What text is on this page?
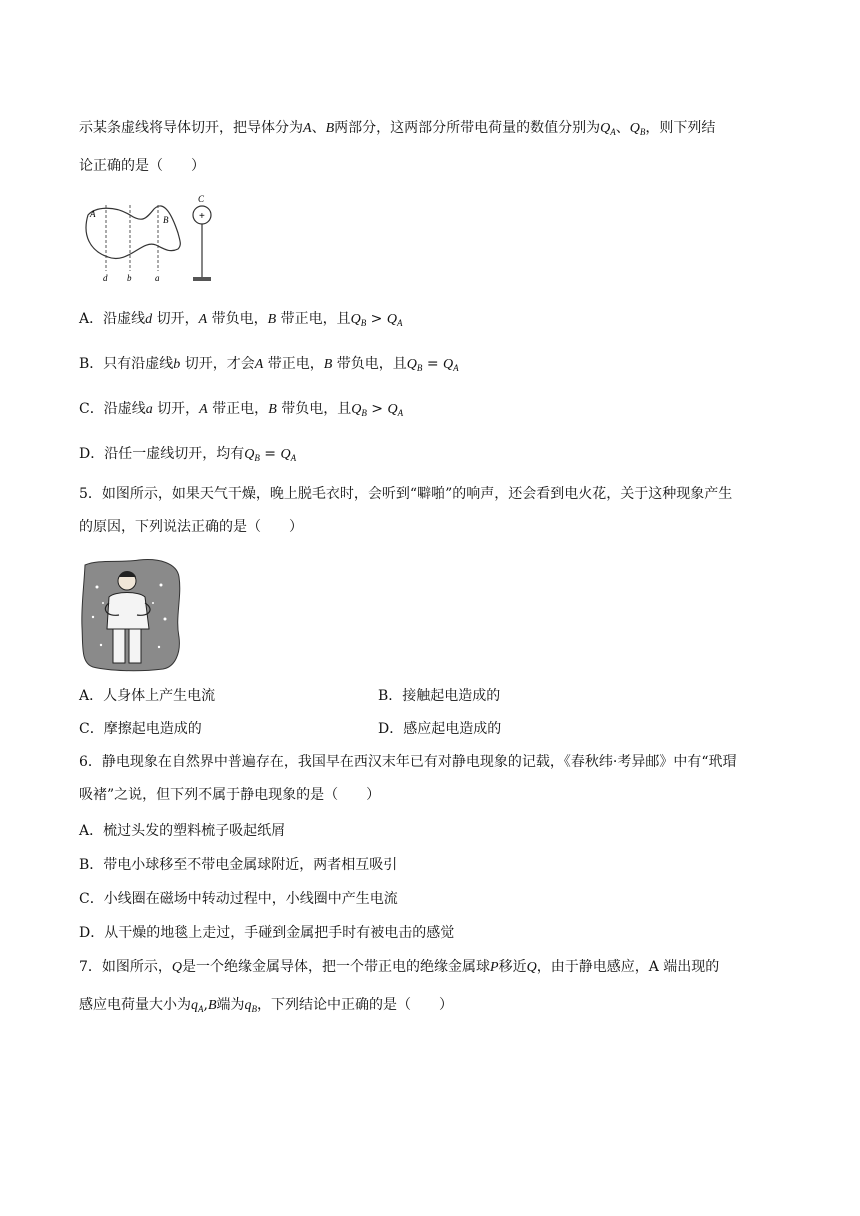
示某条虚线将导体切开，把导体分为A、B两部分，这两部分所带电荷量的数值分别为$Q_A$、$Q_B$，则下列结
论正确的是（　　）
A
B
d b	a
+
C
A．沿虚线d 切开，A 带负电，B 带正电，且$Q_B > Q_A$
B．只有沿虚线b 切开，才会A 带正电，B 带负电，且$Q_B = Q_A$
C．沿虚线a 切开，A 带正电，B 带负电，且$Q_B > Q_A$
D．沿任一虚线切开，均有$Q_B = Q_A$
5．如图所示，如果天气干燥，晚上脱毛衣时，会听到“噼啪”的响声，还会看到电火花，关于这种现象产生
的原因，下列说法正确的是（　　）
A．人身体上产生电流	B．接触起电造成的
C．摩擦起电造成的	D．感应起电造成的
6．静电现象在自然界中普遍存在，我国早在西汉末年已有对静电现象的记载，《春秋纬·考异邮》中有“玳瑁
吸褚”之说，但下列不属于静电现象的是（　　）
A．梳过头发的塑料梳子吸起纸屑
B．带电小球移至不带电金属球附近，两者相互吸引
C．小线圈在磁场中转动过程中，小线圈中产生电流
D．从干燥的地毯上走过，手碰到金属把手时有被电击的感觉
7．如图所示，Q是一个绝缘金属导体，把一个带正电的绝缘金属球P移近Q，由于静电感应，A 端出现的
感应电荷量大小为$q_A,B$端为$q_B$，下列结论中正确的是（　　）
